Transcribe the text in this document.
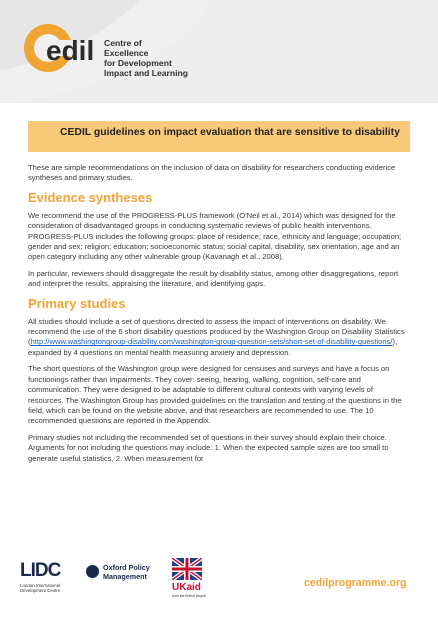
edil Centre of
Excellence
for Development
Impact and Learning
CEDIL guidelines on impact evaluation that are sensitive to disability

These are simple recommendations on the inclusion of data on disability for researchers conducting evidence syntheses and primary studies.

Evidence syntheses

We recommend the use of the PROGRESS-PLUS framework (O'Neil et al., 2014) which was designed for the consideration of disadvantaged groups in conducting systematic reviews of public health interventions. PROGRESS-PLUS includes the following groups: place of residence; race, ethnicity and language; occupation; gender and sex; religion; education; socioeconomic status; social capital, disability, sex orientation, age and an open category including any other vulnerable group (Kavanagh et al., 2008).

In particular, reviewers should disaggregate the result by disability status, among other disaggregations, report and interpret the results, appraising the literature, and identifying gaps.

Primary studies

All studies should include a set of questions directed to assess the impact of interventions on disability. We recommend the use of the 6 short disability questions produced by the Washington Group on Disability Statistics (http://www.washingtongroup-disability.com/washington-group-question-sets/short-set-of-disability-questions/), expanded by 4 questions on mental health measuring anxiety and depression.

The short questions of the Washington group were designed for censuses and surveys and have a focus on functionings rather than impairments. They cover: seeing, hearing, walking, cognition, self-care and communication. They were designed to be adaptable to different cultural contexts with varying levels of resources. The Washington Group has provided guidelines on the translation and testing of the questions in the field, which can be found on the website above, and that researchers are recommended to use. The 10 recommended questions are reported in the Appendix.

Primary studies not including the recommended set of questions in their survey should explain their choice. Arguments for not including the questions may include: 1. When the expected sample sizes are too small to generate useful statistics, 2. When measurement for

LIDC
London International Development Centre
Oxford Policy
Management
UKaid
from the British people
cedilprogramme.org
